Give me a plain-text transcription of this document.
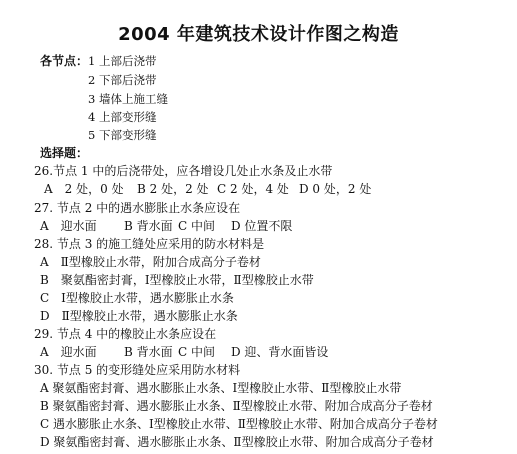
2004 年建筑技术设计作图之构造
各节点： 1 上部后浇带
2 下部后浇带
3 墙体上施工缝
4 上部变形缝
5 下部变形缝
选择题：
26.节点 1 中的后浇带处，应各增设几处止水条及止水带
A　2 处，0 处 B 2 处，2 处 C 2 处，4 处 D 0 处，2 处
27. 节点 2 中的遇水膨胀止水条应设在
A　迎水面 B 背水面 C 中间 D 位置不限
28. 节点 3 的施工缝处应采用的防水材料是
A　Ⅱ型橡胶止水带，附加合成高分子卷材
B　聚氨酯密封膏，Ⅰ型橡胶止水带，Ⅱ型橡胶止水带
C　Ⅰ型橡胶止水带，遇水膨胀止水条
D　Ⅱ型橡胶止水带，遇水膨胀止水条
29. 节点 4 中的橡胶止水条应设在
A　迎水面 B 背水面 C 中间 D 迎、背水面皆设
30. 节点 5 的变形缝处应采用防水材料
A 聚氨酯密封膏、遇水膨胀止水条、Ⅰ型橡胶止水带、Ⅱ型橡胶止水带
B 聚氨酯密封膏、遇水膨胀止水条、Ⅱ型橡胶止水带、附加合成高分子卷材
C 遇水膨胀止水条、Ⅰ型橡胶止水带、Ⅱ型橡胶止水带、附加合成高分子卷材
D 聚氨酯密封膏、遇水膨胀止水条、Ⅱ型橡胶止水带、附加合成高分子卷材
